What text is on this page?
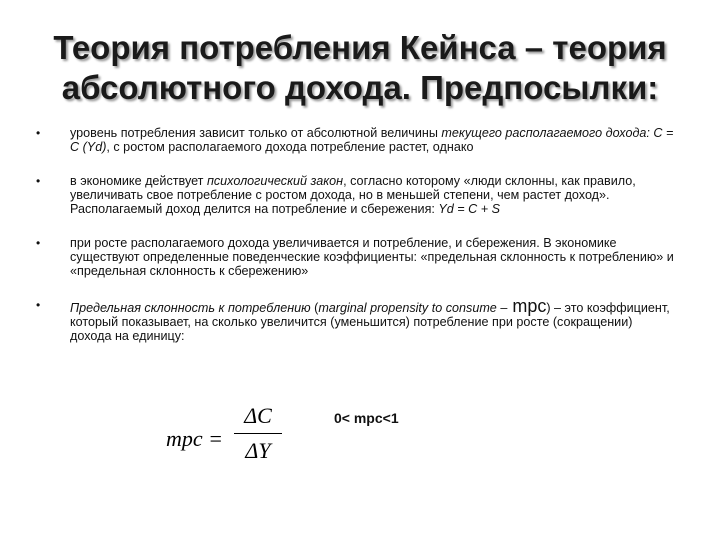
Теория потребления Кейнса – теория
абсолютного дохода. Предпосылки:
• уровень потребления зависит только от абсолютной величины текущего располагаемого дохода: С = С (Yd), с ростом располагаемого дохода потребление растет, однако
• в экономике действует психологический закон, согласно которому «люди склонны, как правило, увеличивать свое потребление с ростом дохода, но в меньшей степени, чем растет доход». Располагаемый доход делится на потребление и сбережения: Yd = C + S
• при росте располагаемого дохода увеличивается и потребление, и сбережения. В экономике существуют определенные поведенческие коэффициенты: «предельная склонность к потреблению» и «предельная склонность к сбережению»
• Предельная склонность к потреблению (marginal propensity to consume – mpc) – это коэффициент, который показывает, на сколько увеличится (уменьшится) потребление при росте (сокращении) дохода на единицу:
mpc =
ΔC
ΔY
0< mpc<1
